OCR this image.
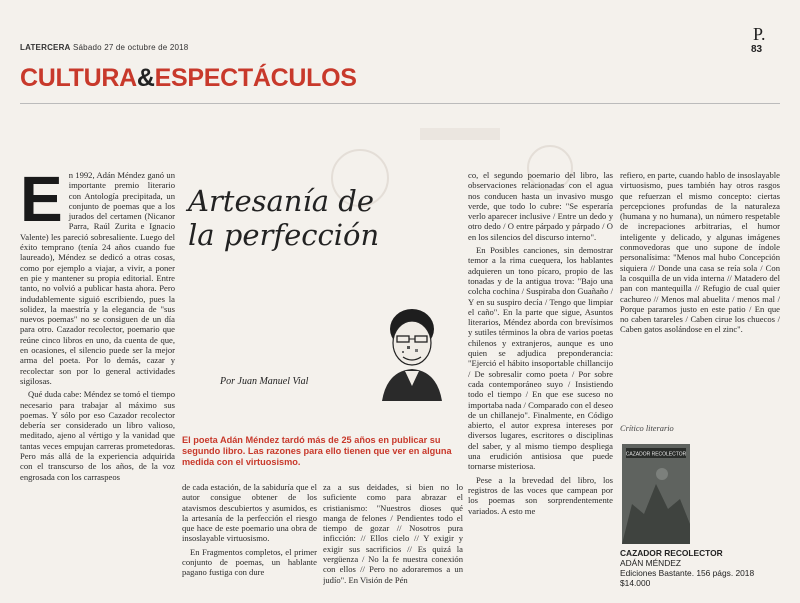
LATERCERA Sábado 27 de octubre de 2018
P.
83
CULTURA&ESPECTÁCULOS
E n 1992, Adán Méndez ganó un importante premio literario con Antología precipitada, un conjunto de poemas que a los jurados del certamen (Nicanor Parra, Raúl Zurita e Ignacio Valente) les pareció sobresaliente. Luego del éxito temprano (tenía 24 años cuando fue laureado), Méndez se dedicó a otras cosas, como por ejemplo a viajar, a vivir, a poner en pie y mantener su propia editorial. Entre tanto, no volvió a publicar hasta ahora. Pero indudablemente siguió escribiendo, pues la solidez, la maestría y la elegancia de "sus nuevos poemas" no se consiguen de un día para otro. Cazador recolector, poemario que reúne cinco libros en uno, da cuenta de que, en ocasiones, el silencio puede ser la mejor arma del poeta. Por lo demás, cazar y recolectar son por lo general actividades sigilosas.

Qué duda cabe: Méndez se tomó el tiempo necesario para trabajar al máximo sus poemas. Y sólo por eso Cazador recolector debería ser considerado un libro valioso, meditado, ajeno al vértigo y la vanidad que tantas veces empujan carreras prometedoras. Pero más allá de la experiencia adquirida con el transcurso de los años, de la voz engrosada con los carraspeos

Artesanía de
la perfección
Por Juan Manuel Vial
El poeta Adán Méndez tardó más de 25 años en publicar su segundo libro. Las razones para ello tienen que ver en alguna medida con el virtuosismo.

de cada estación, de la sabiduría que el autor consigue obtener de los atavismos descubiertos y asumidos, es la artesanía de la perfección el riesgo que hace de este poemario una obra de insoslayable virtuosismo.

En Fragmentos completos, el primer conjunto de poemas, un hablante pagano fustiga con dure

za a sus deidades, si bien no lo suficiente como para abrazar el cristianismo: "Nuestros dioses qué manga de felones / Pendientes todo el tiempo de gozar // Nosotros pura inficción: // Ellos cielo // Y exigir y exigir sus sacrificios // Es quizá la vergüenza / No la fe nuestra conexión con ellos // Pero no adoraremos a un judío". En Visión de Pén

co, el segundo poemario del libro, las observaciones relacionadas con el agua nos conducen hasta un invasivo musgo verde, que todo lo cubre: "Se esperaría verlo aparecer inclusive / Entre un dedo y otro dedo / O entre párpado y párpado / O en los silencios del discurso interno".

En Posibles canciones, sin demostrar temor a la rima cuequera, los hablantes adquieren un tono pícaro, propio de las tonadas y de la antigua trova: "Bajo una colcha cochina / Suspiraba don Guañaño / Y en su suspiro decía / Tengo que limpiar el caño". En la parte que sigue, Asuntos literarios, Méndez aborda con brevísimos y sutiles términos la obra de varios poetas chilenos y extranjeros, aunque es uno quien se adjudica preponderancia: "Ejerció el hábito insoportable chillancijo / De sobresalir como poeta / Por sobre cada contemporáneo suyo / Insistiendo todo el tiempo / En que ese suceso no importaba nada / Comparado con el deseo de un chillanejo". Finalmente, en Código abierto, el autor expresa intereses por diversos lugares, escritores o disciplinas del saber, y al mismo tiempo despliega una erudición antisiosa que puede tornarse misteriosa.

Pese a la brevedad del libro, los registros de las voces que campean por los poemas son sorprendentemente variados. A esto me

refiero, en parte, cuando hablo de insoslayable virtuosismo, pues también hay otros rasgos que refuerzan el mismo concepto: ciertas percepciones profundas de la naturaleza (humana y no humana), un número respetable de increpaciones arbitrarias, el humor inteligente y delicado, y algunas imágenes conmovedoras que uno supone de índole personalísima: "Menos mal hubo Concepción siquiera // Donde una casa se reía sola / Con la cosquilla de un vida interna // Matadero del pan con mantequilla // Refugio de cual quier cachureo // Menos mal abuelita / menos mal / Porque paramos justo en este patio / En que no caben tarareles / Caben cirue los chuecos / Caben gatos asolándose en el zinc".

Crítico literario
CAZADOR RECOLECTOR
CAZADOR RECOLECTOR
ADÁN MÉNDEZ
Ediciones Bastante. 156 págs. 2018
$14.000
